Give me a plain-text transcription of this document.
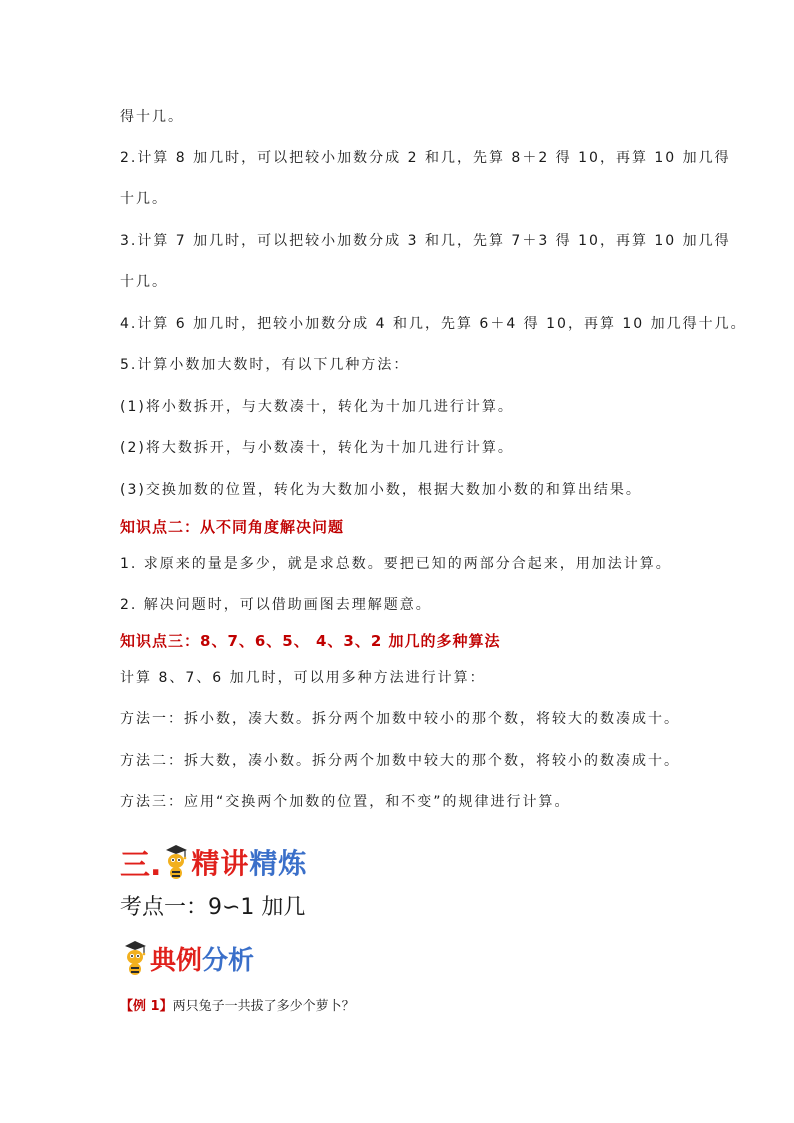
得十几。
2.计算 8 加几时，可以把较小加数分成 2 和几，先算 8＋2 得 10，再算 10 加几得
十几。
3.计算 7 加几时，可以把较小加数分成 3 和几，先算 7＋3 得 10，再算 10 加几得
十几。
4.计算 6 加几时，把较小加数分成 4 和几，先算 6＋4 得 10，再算 10 加几得十几。
5.计算小数加大数时，有以下几种方法：
(1)将小数拆开，与大数凑十，转化为十加几进行计算。
(2)将大数拆开，与小数凑十，转化为十加几进行计算。
(3)交换加数的位置，转化为大数加小数，根据大数加小数的和算出结果。
知识点二：从不同角度解决问题
1. 求原来的量是多少，就是求总数。要把已知的两部分合起来，用加法计算。
2. 解决问题时，可以借助画图去理解题意。
知识点三：8、7、6、5、 4、3、2 加几的多种算法
计算 8、7、6 加几时，可以用多种方法进行计算：
方法一：拆小数，凑大数。拆分两个加数中较小的那个数，将较大的数凑成十。
方法二：拆大数，凑小数。拆分两个加数中较大的那个数，将较小的数凑成十。
方法三：应用“交换两个加数的位置，和不变”的规律进行计算。
三. 精讲 精炼
考点一：9∽1 加几
典例 分析
【例 1】两只兔子一共拔了多少个萝卜？
